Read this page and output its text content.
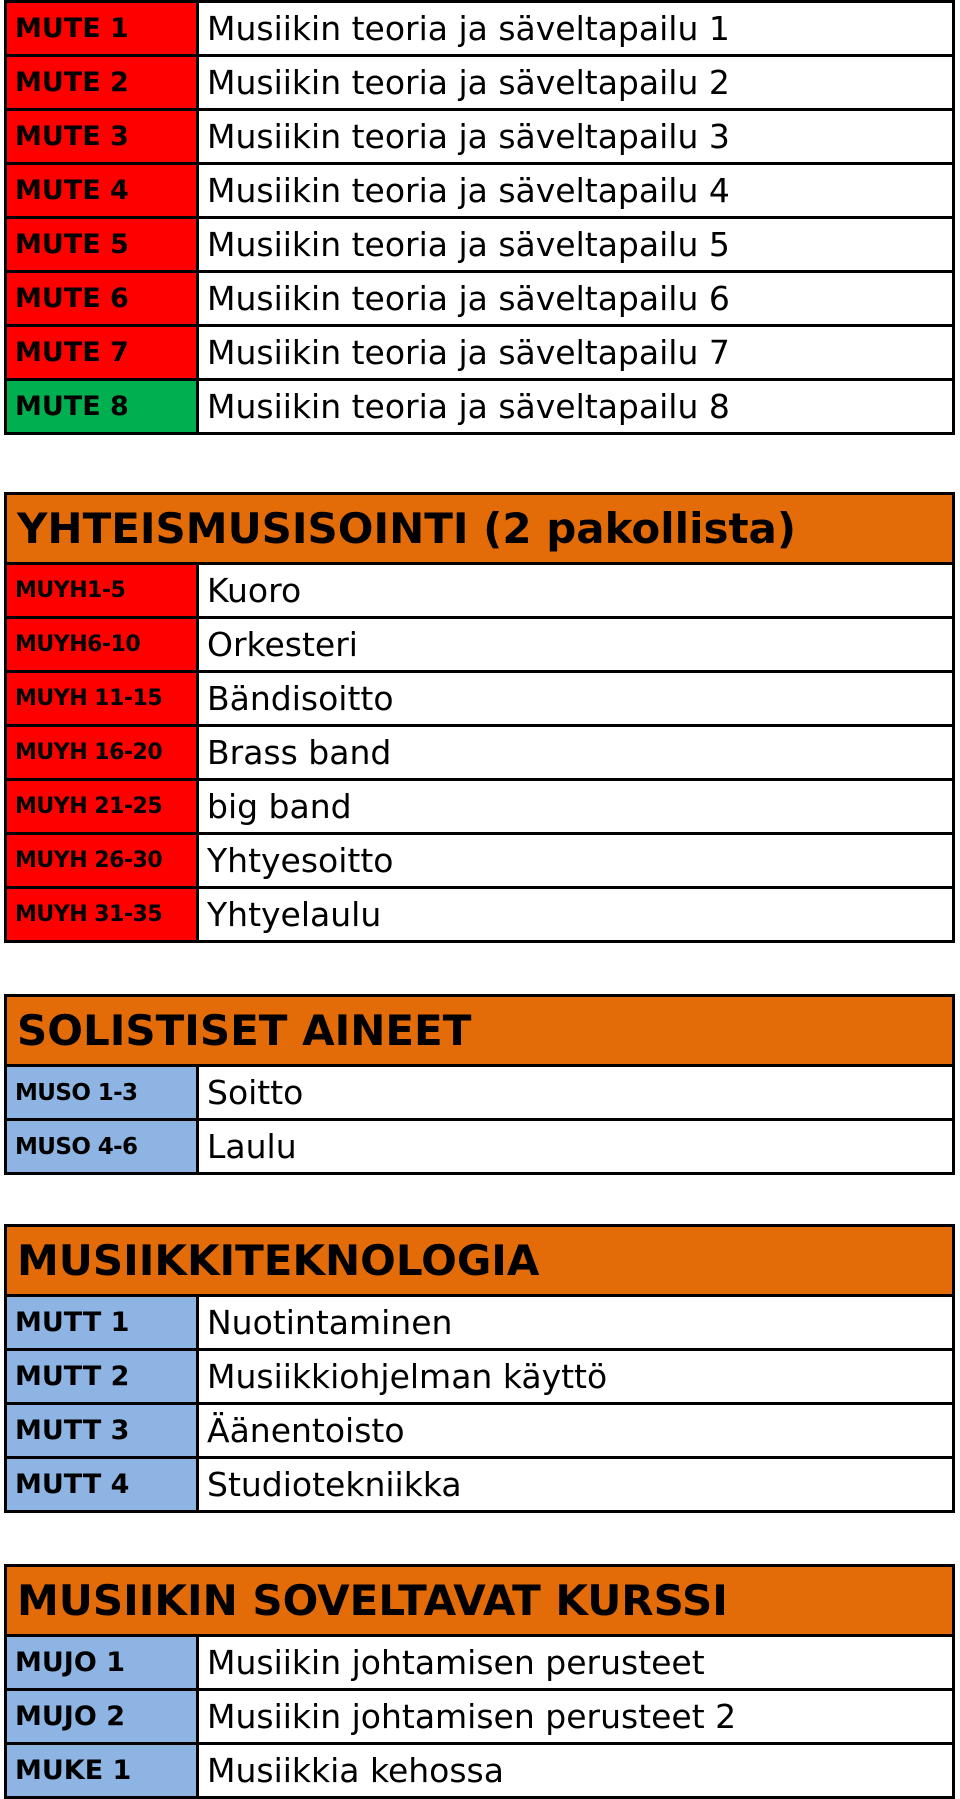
MUTE 1	Musiikin teoria ja säveltapailu 1
MUTE 2	Musiikin teoria ja säveltapailu 2
MUTE 3	Musiikin teoria ja säveltapailu 3
MUTE 4	Musiikin teoria ja säveltapailu 4
MUTE 5	Musiikin teoria ja säveltapailu 5
MUTE 6	Musiikin teoria ja säveltapailu 6
MUTE 7	Musiikin teoria ja säveltapailu 7
MUTE 8	Musiikin teoria ja säveltapailu 8
YHTEISMUSISOINTI (2 pakollista)
MUYH1-5	Kuoro
MUYH6-10	Orkesteri
MUYH 11-15	Bändisoitto
MUYH 16-20	Brass band
MUYH 21-25	big band
MUYH 26-30	Yhtyesoitto
MUYH 31-35	Yhtyelaulu
SOLISTISET AINEET
MUSO 1-3	Soitto
MUSO 4-6	Laulu
MUSIIKKITEKNOLOGIA
MUTT 1	Nuotintaminen
MUTT 2	Musiikkiohjelman käyttö
MUTT 3	Äänentoisto
MUTT 4	Studiotekniikka
MUSIIKIN SOVELTAVAT KURSSI
MUJO 1	Musiikin johtamisen perusteet
MUJO 2	Musiikin johtamisen perusteet 2
MUKE 1	Musiikkia kehossa
